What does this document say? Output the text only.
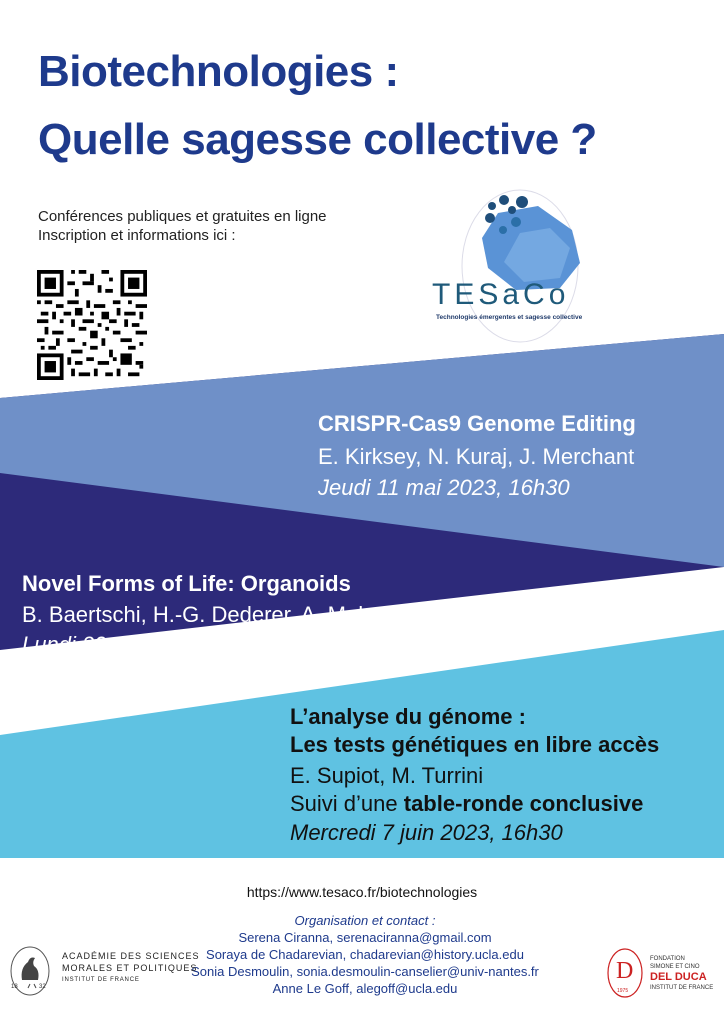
Biotechnologies :
Quelle sagesse collective ?
Conférences publiques et gratuites en ligne
Inscription et informations ici :
TESaCo
Technologies émergentes et sagesse collective
CRISPR-Cas9 Genome Editing
E. Kirksey, N. Kuraj, J. Merchant
Jeudi 11 mai 2023, 16h30
Novel Forms of Life: Organoids
B. Baertschi, H.-G. Dederer, A. Mahalatchimy
Lundi 22 mai 2023, 16h30
L’analyse du génome :
Les tests génétiques en libre accès
E. Supiot, M. Turrini
Suivi d’une table-ronde conclusive
Mercredi 7 juin 2023, 16h30
https://www.tesaco.fr/biotechnologies
Organisation et contact :
Serena Ciranna, serenaciranna@gmail.com
Soraya de Chadarevian, chadarevian@history.ucla.edu
Sonia Desmoulin, sonia.desmoulin-canselier@univ-nantes.fr
Anne Le Goff, alegoff@ucla.edu
18	32
ACADÉMIE DES SCIENCES
MORALES ET POLITIQUES
INSTITUT DE FRANCE	D
1975
FONDATION
SIMONE ET CINO
DEL DUCA
INSTITUT DE FRANCE
